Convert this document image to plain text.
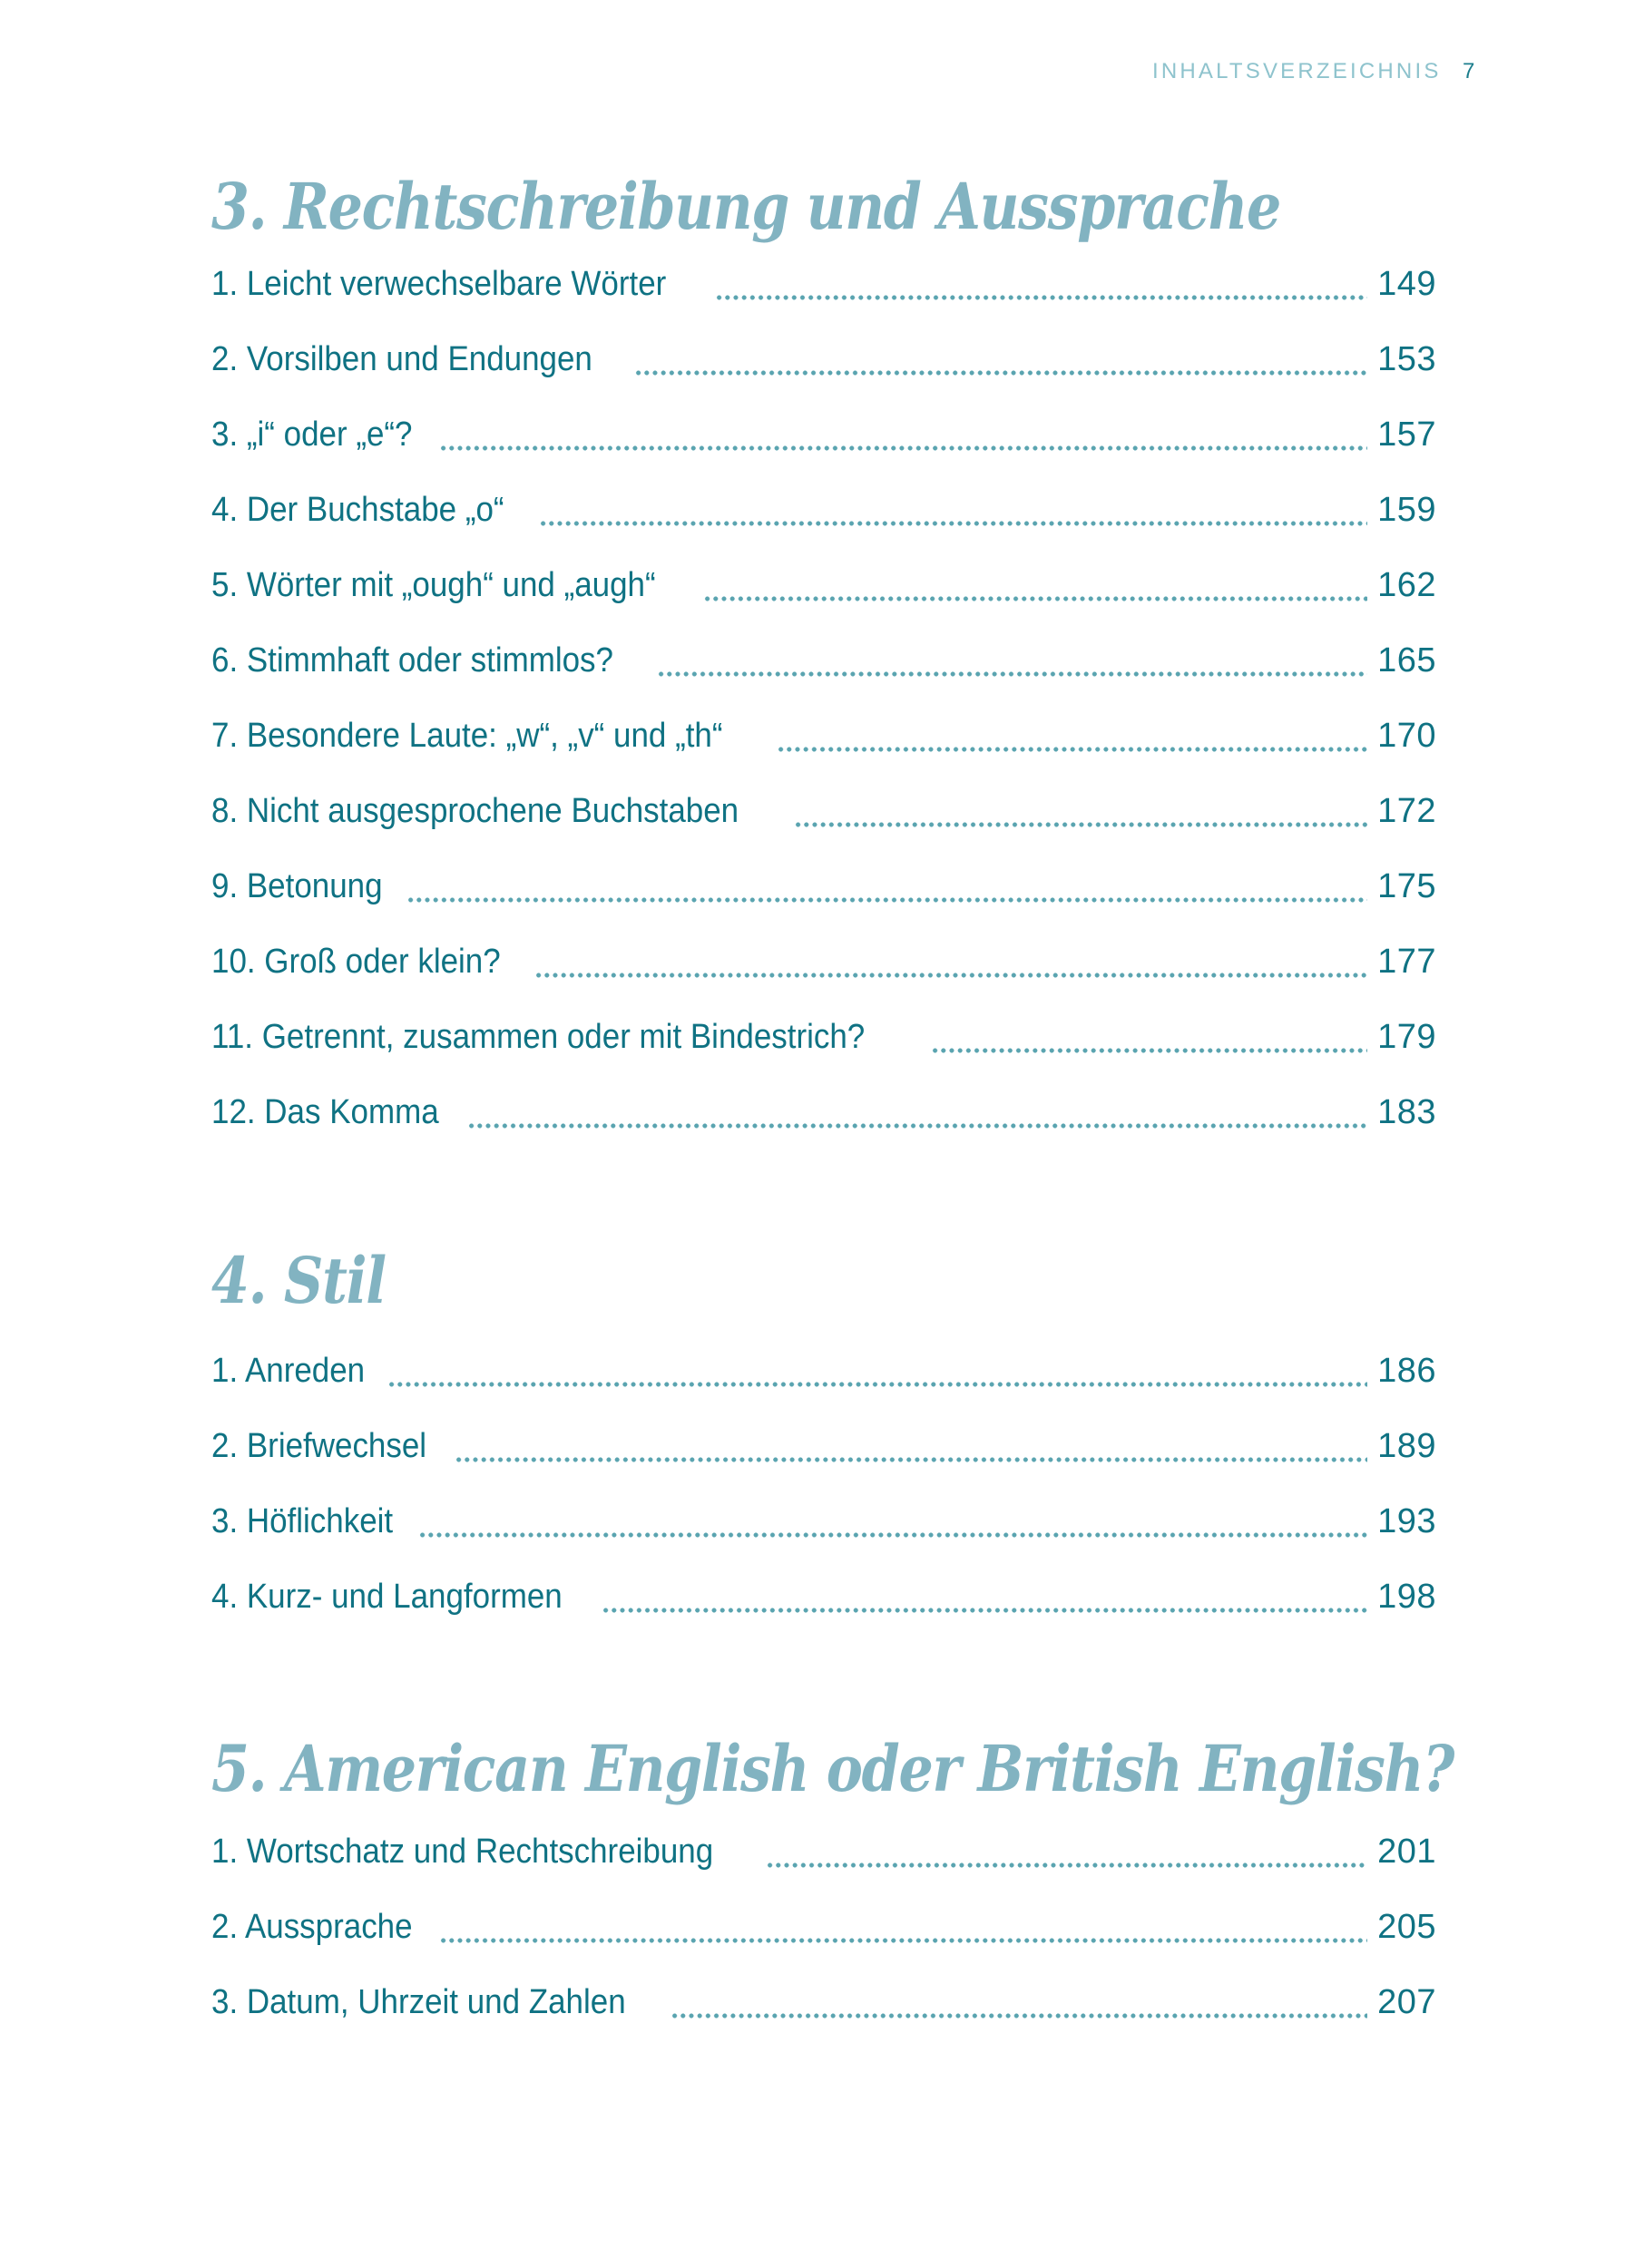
INHALTSVERZEICHNIS 7
3. Rechtschreibung und Aussprache
1. Leicht verwechselbare Wörter	149
2. Vorsilben und Endungen	153
3. „i“ oder „e“?	157
4. Der Buchstabe „o“	159
5. Wörter mit „ough“ und „augh“	162
6. Stimmhaft oder stimmlos?	165
7. Besondere Laute: „w“, „v“ und „th“	170
8. Nicht ausgesprochene Buchstaben	172
9. Betonung	175
10. Groß oder klein?	177
11. Getrennt, zusammen oder mit Bindestrich?	179
12. Das Komma	183
4. Stil
1. Anreden	186
2. Briefwechsel	189
3. Höflichkeit	193
4. Kurz- und Langformen	198
5. American English oder British English?
1. Wortschatz und Rechtschreibung	201
2. Aussprache	205
3. Datum, Uhrzeit und Zahlen	207
